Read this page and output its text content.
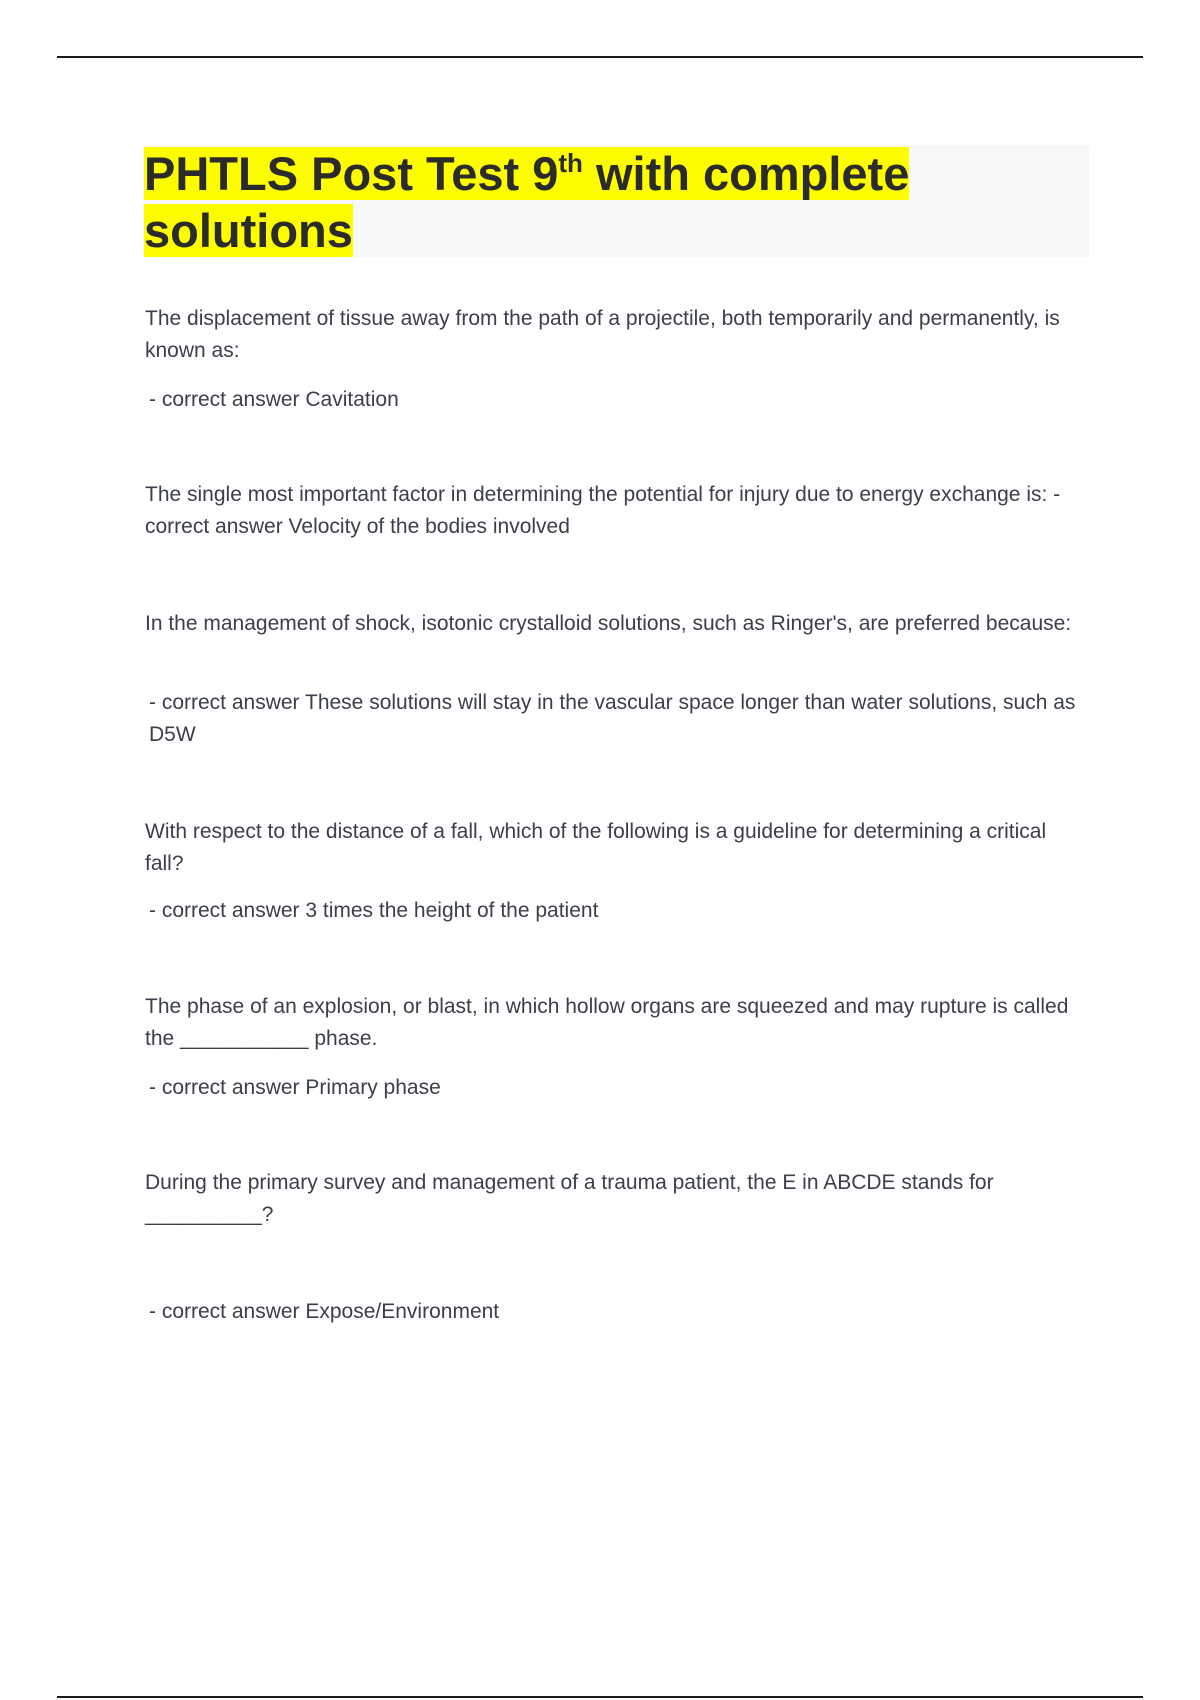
PHTLS Post Test 9th with complete
solutions

The displacement of tissue away from the path of a projectile, both temporarily and permanently, is known as:

- correct answer Cavitation

The single most important factor in determining the potential for injury due to energy exchange is: - correct answer Velocity of the bodies involved

In the management of shock, isotonic crystalloid solutions, such as Ringer's, are preferred because:

- correct answer These solutions will stay in the vascular space longer than water solutions, such as D5W

With respect to the distance of a fall, which of the following is a guideline for determining a critical fall?

- correct answer 3 times the height of the patient

The phase of an explosion, or blast, in which hollow organs are squeezed and may rupture is called the ___________ phase.

- correct answer Primary phase

During the primary survey and management of a trauma patient, the E in ABCDE stands for __________?

- correct answer Expose/Environment
